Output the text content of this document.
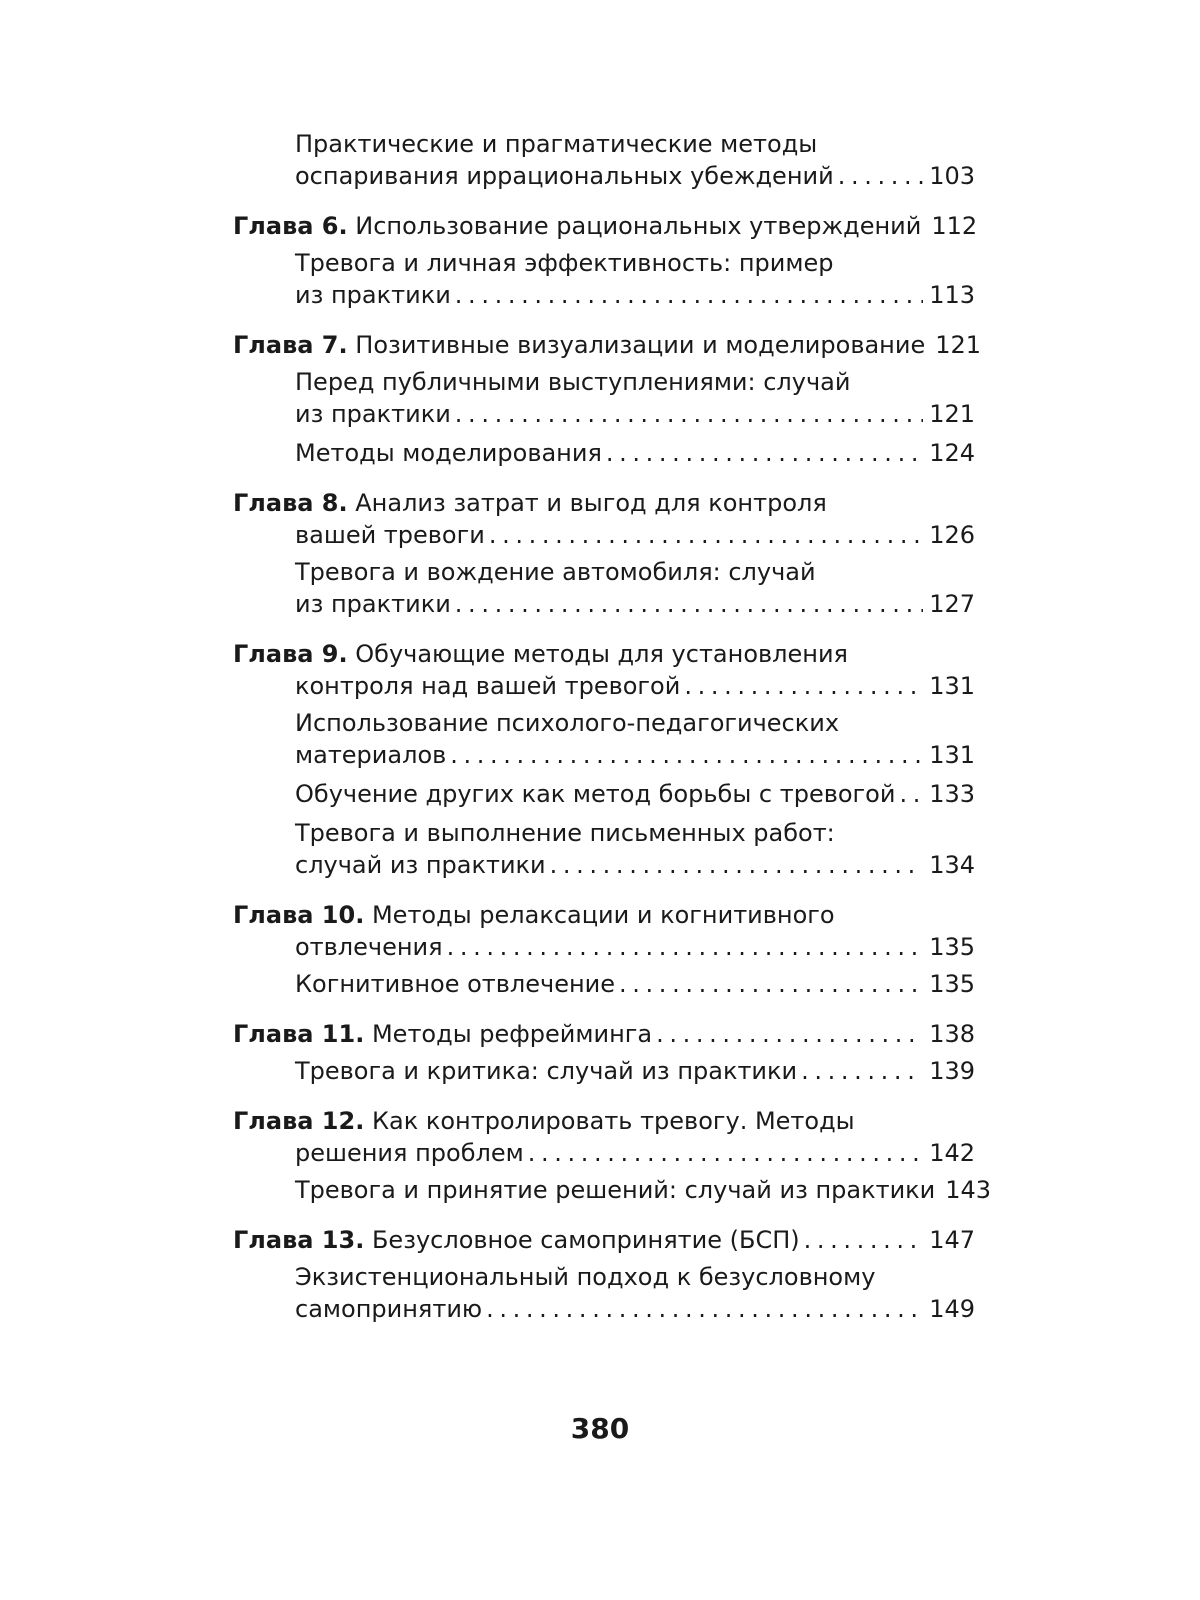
Практические и прагматические методы
оспаривания иррациональных убеждений . . .	103
Глава 6. Использование рациональных утверждений 112
Тревога и личная эффективность: пример
из практики . . .	113
Глава 7. Позитивные визуализации и моделирование 121
Перед публичными выступлениями: случай
из практики . . .	121
Методы моделирования . . .	124
Глава 8. Анализ затрат и выгод для контроля
вашей тревоги . . .	126
Тревога и вождение автомобиля: случай
из практики . . .	127
Глава 9. Обучающие методы для установления
контроля над вашей тревогой . . .	131
Использование психолого-педагогических
материалов . . .	131
Обучение других как метод борьбы с тревогой . . . 133
Тревога и выполнение письменных работ:
случай из практики . . .	134
Глава 10. Методы релаксации и когнитивного
отвлечения . . .	135
Когнитивное отвлечение . . .	135
Глава 11. Методы рефрейминга . . .	138
Тревога и критика: случай из практики . . .	139
Глава 12. Как контролировать тревогу. Методы
решения проблем . . .	142
Тревога и принятие решений: случай из практики 143
Глава 13. Безусловное самопринятие (БСП) . . .	147
Экзистенциональный подход к безусловному
самопринятию . . .	149
380
